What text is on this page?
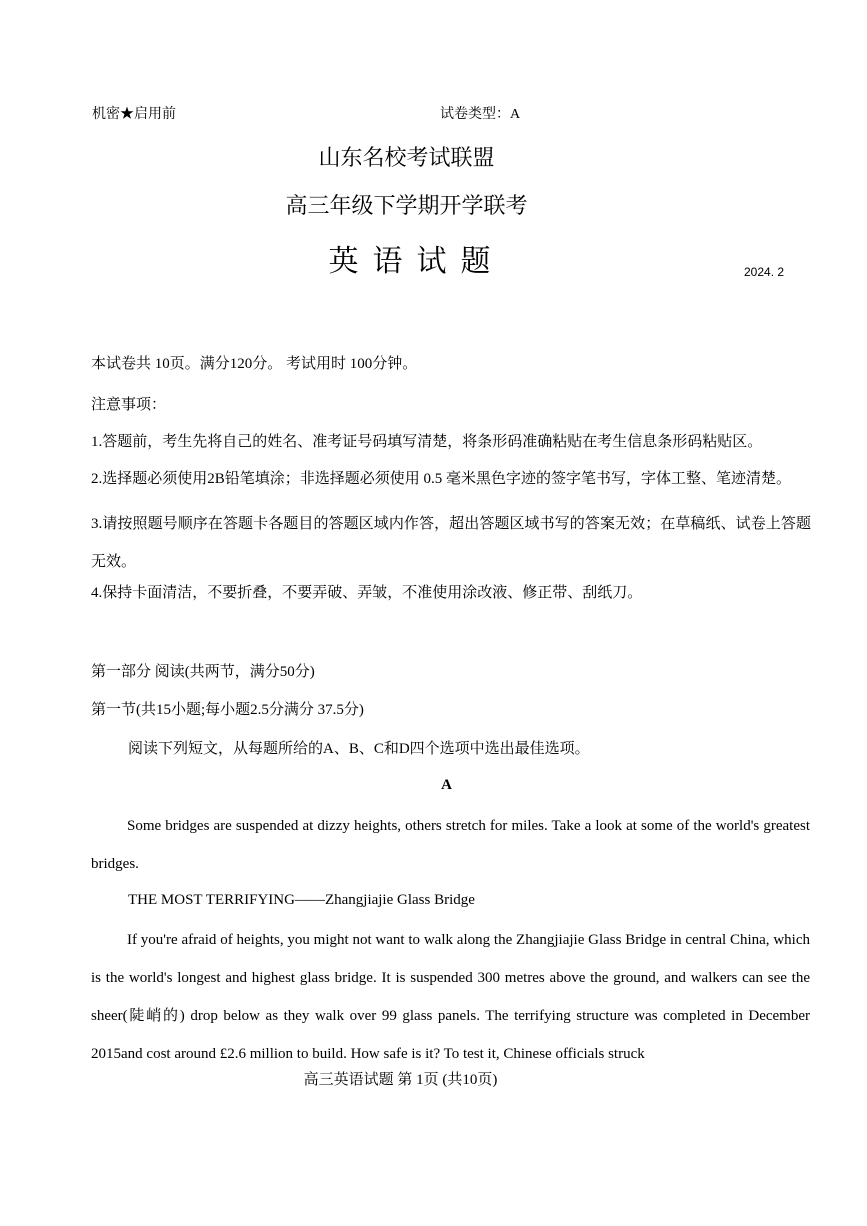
机密★启用前	试卷类型：A
山东名校考试联盟
高三年级下学期开学联考
英语试题	2024. 2
本试卷共 10页。满分120分。 考试用时 100分钟。
注意事项：
1.答题前，考生先将自己的姓名、准考证号码填写清楚，将条形码准确粘贴在考生信息条形码粘贴区。
2.选择题必须使用2B铅笔填涂；非选择题必须使用 0.5 毫米黑色字迹的签字笔书写，字体工整、笔迹清楚。
3.请按照题号顺序在答题卡各题目的答题区域内作答，超出答题区域书写的答案无效；在草稿纸、试卷上答题无效。
4.保持卡面清洁，不要折叠，不要弄破、弄皱，不准使用涂改液、修正带、刮纸刀。
第一部分 阅读(共两节，满分50分)
第一节(共15小题;每小题2.5分满分 37.5分)
阅读下列短文，从每题所给的A、B、C和D四个选项中选出最佳选项。
A
Some bridges are suspended at dizzy heights, others stretch for miles. Take a look at some of the world's greatest bridges.
THE MOST TERRIFYING——Zhangjiajie Glass Bridge
If you're afraid of heights, you might not want to walk along the Zhangjiajie Glass Bridge in central China, which is the world's longest and highest glass bridge. It is suspended 300 metres above the ground, and walkers can see the sheer(陡峭的) drop below as they walk over 99 glass panels. The terrifying structure was completed in December 2015and cost around £2.6 million to build. How safe is it? To test it, Chinese officials struck
高三英语试题 第 1页 (共10页)
